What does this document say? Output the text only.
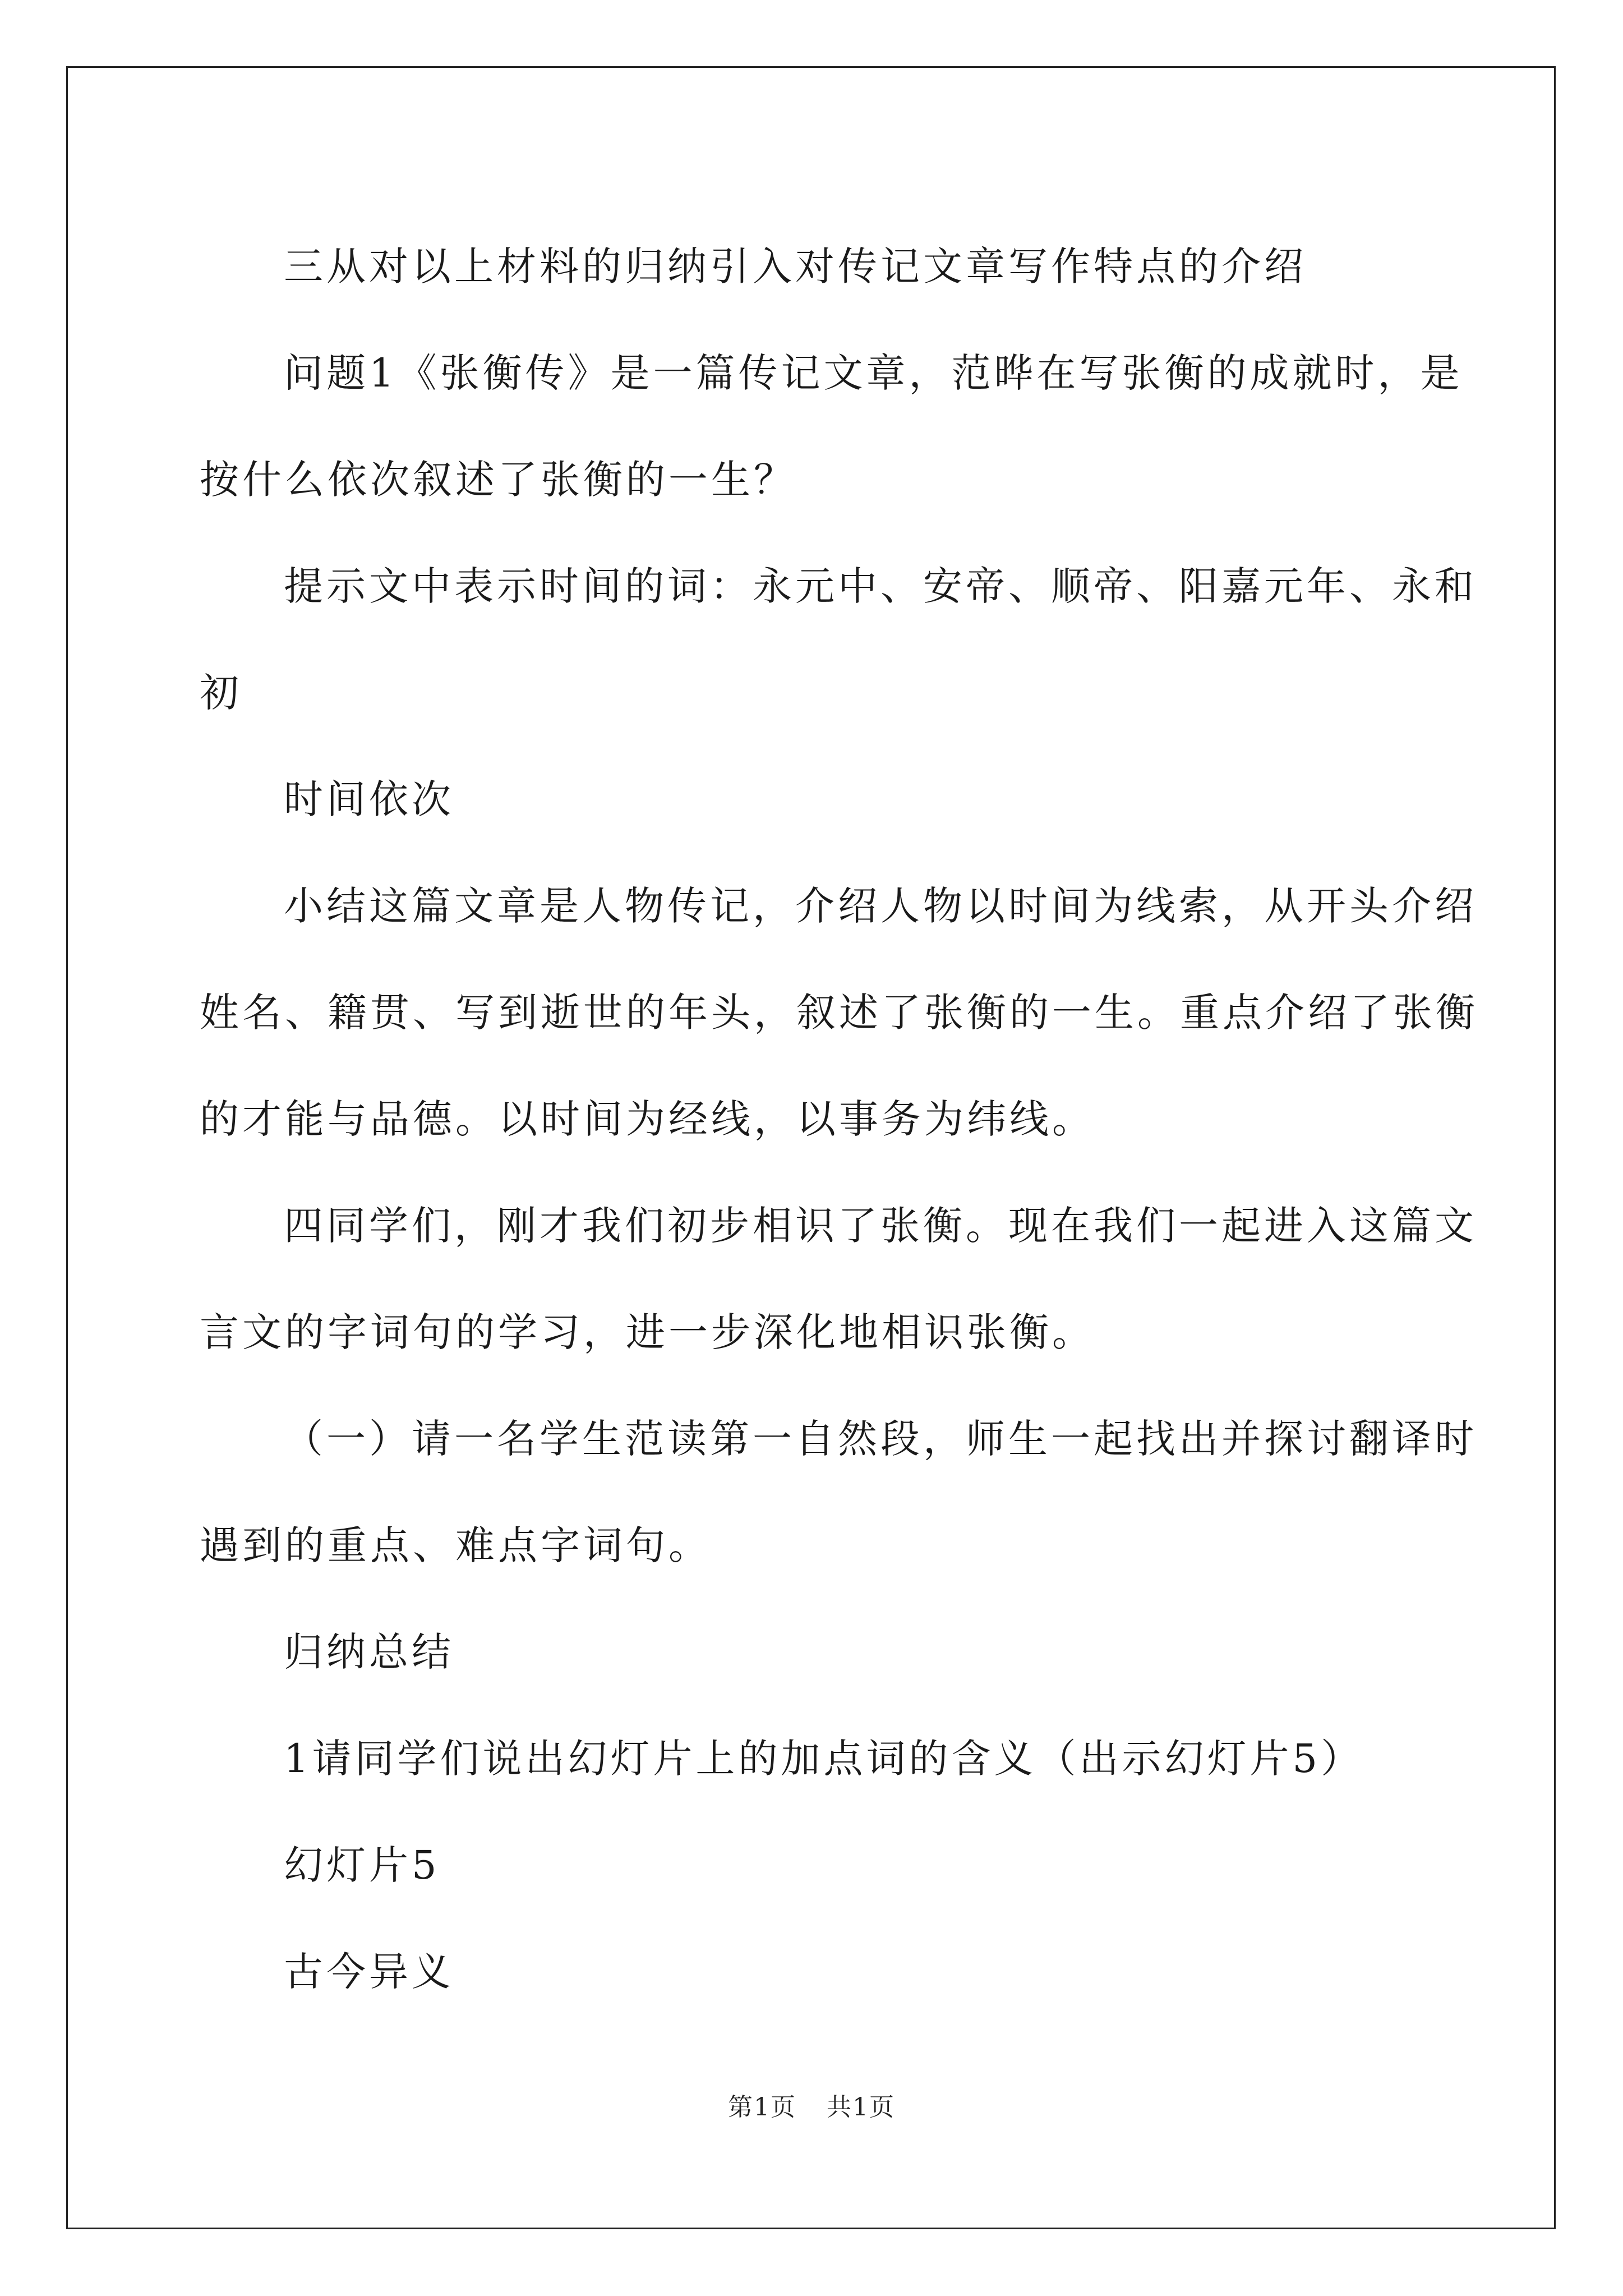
三从对以上材料的归纳引入对传记文章写作特点的介绍

问题1《张衡传》是一篇传记文章，范晔在写张衡的成就时，是
按什么依次叙述了张衡的一生？

提示文中表示时间的词：永元中、安帝、顺帝、阳嘉元年、永和
初

时间依次

小结这篇文章是人物传记，介绍人物以时间为线索，从开头介绍
姓名、籍贯、写到逝世的年头，叙述了张衡的一生。重点介绍了张衡
的才能与品德。以时间为经线，以事务为纬线。

四同学们，刚才我们初步相识了张衡。现在我们一起进入这篇文
言文的字词句的学习，进一步深化地相识张衡。

（一）请一名学生范读第一自然段，师生一起找出并探讨翻译时
遇到的重点、难点字词句。

归纳总结

1请同学们说出幻灯片上的加点词的含义（出示幻灯片5）

幻灯片5

古今异义

第1页 共1页
